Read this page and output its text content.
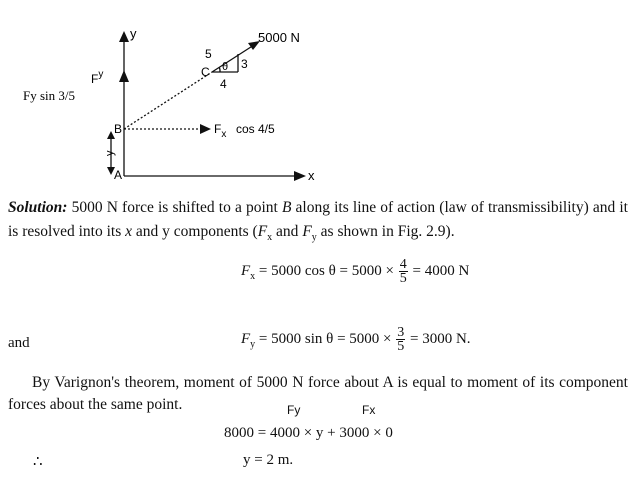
y
x
5000 N
5
3
4
θ
C
B
A
$F^y$
Fy sin 3/5
$F_x$ cos 4/5
y
Solution: 5000 N force is shifted to a point B along its line of action (law of transmissibility) and it is resolved into its x and y components ($F_x$ and $F_y$ as shown in Fig. 2.9).
$F_x = 5000$ $\cos \theta = 5000 \times \frac{4}{5} = 4000$ N
and	$F_y = 5000$ $\sin \theta = 5000 \times \frac{3}{5} = 3000$ N.
By Varignon's theorem, moment of 5000 N force about A is equal to moment of its component forces about the same point.	Fy	Fx
8000 = 4000 × y + 3000 × 0
∴	y = 2 m.
